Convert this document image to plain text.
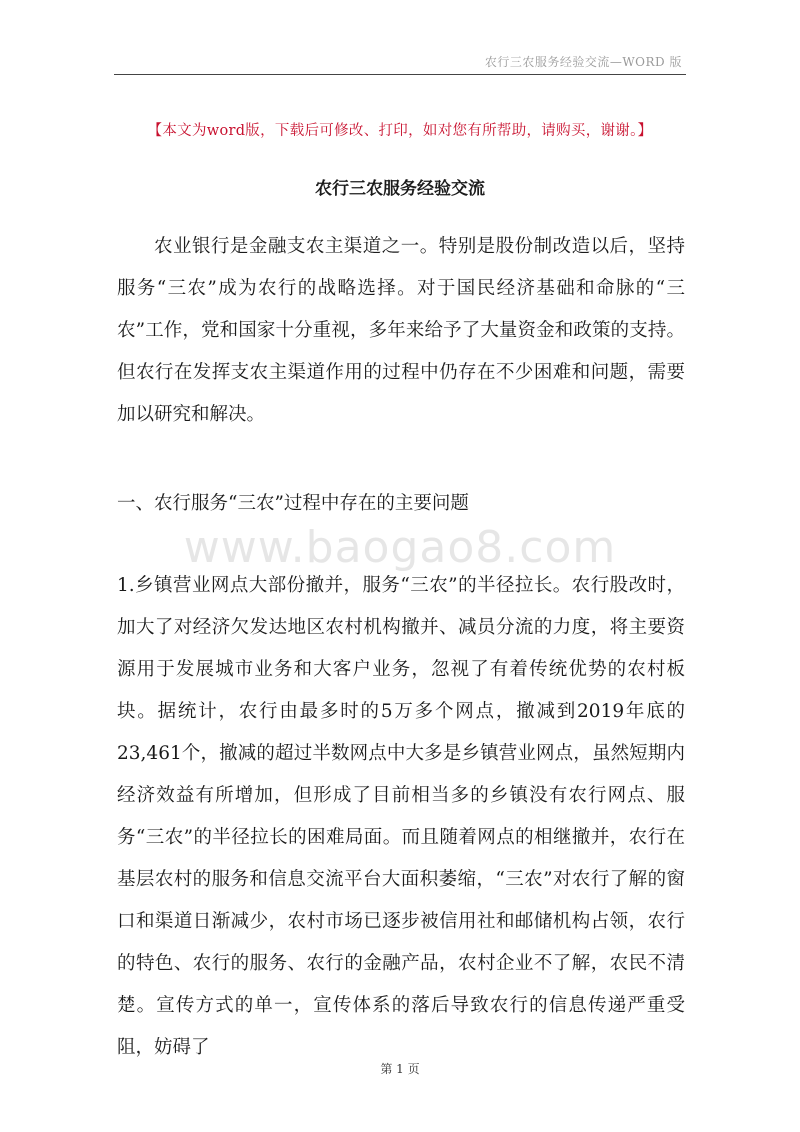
农行三农服务经验交流—WORD 版
【本文为word版，下载后可修改、打印，如对您有所帮助，请购买，谢谢。】
农行三农服务经验交流
农业银行是金融支农主渠道之一。特别是股份制改造以后，坚持服务“三农”成为农行的战略选择。对于国民经济基础和命脉的“三农”工作，党和国家十分重视，多年来给予了大量资金和政策的支持。但农行在发挥支农主渠道作用的过程中仍存在不少困难和问题，需要加以研究和解决。
一、农行服务“三农”过程中存在的主要问题
www.baogao8.com
1.乡镇营业网点大部份撤并，服务“三农”的半径拉长。农行股改时，加大了对经济欠发达地区农村机构撤并、减员分流的力度，将主要资源用于发展城市业务和大客户业务，忽视了有着传统优势的农村板块。据统计，农行由最多时的5万多个网点，撤减到2019年底的23,461个，撤减的超过半数网点中大多是乡镇营业网点，虽然短期内经济效益有所增加，但形成了目前相当多的乡镇没有农行网点、服务“三农”的半径拉长的困难局面。而且随着网点的相继撤并，农行在基层农村的服务和信息交流平台大面积萎缩，“三农”对农行了解的窗口和渠道日渐减少，农村市场已逐步被信用社和邮储机构占领，农行的特色、农行的服务、农行的金融产品，农村企业不了解，农民不清楚。宣传方式的单一，宣传体系的落后导致农行的信息传递严重受阻，妨碍了
第 1 页
